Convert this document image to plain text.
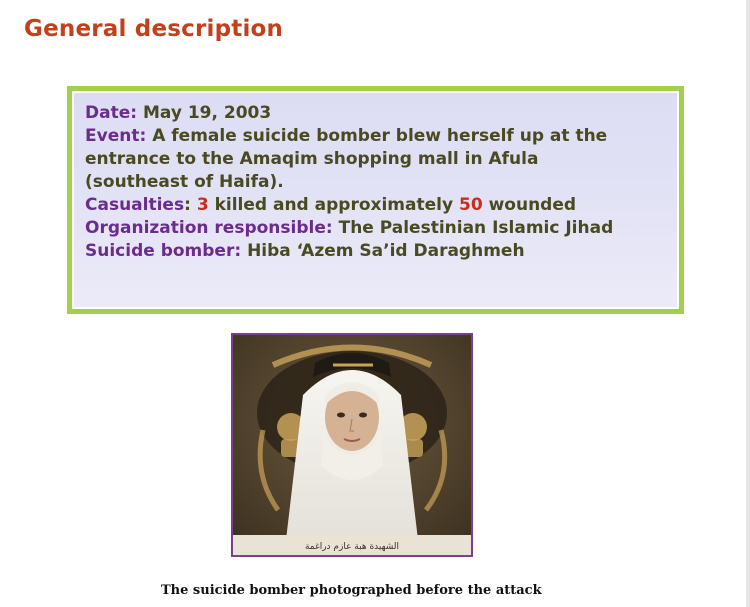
General description
Date: May 19, 2003
Event: A female suicide bomber blew herself up at the
entrance to the Amaqim shopping mall in Afula
(southeast of Haifa).
Casualties: 3 killed and approximately 50 wounded
Organization responsible: The Palestinian Islamic Jihad
Suicide bomber: Hiba ‘Azem Sa’id Daraghmeh
الشهيدة هبة عازم دراغمة

The suicide bomber photographed before the attack
